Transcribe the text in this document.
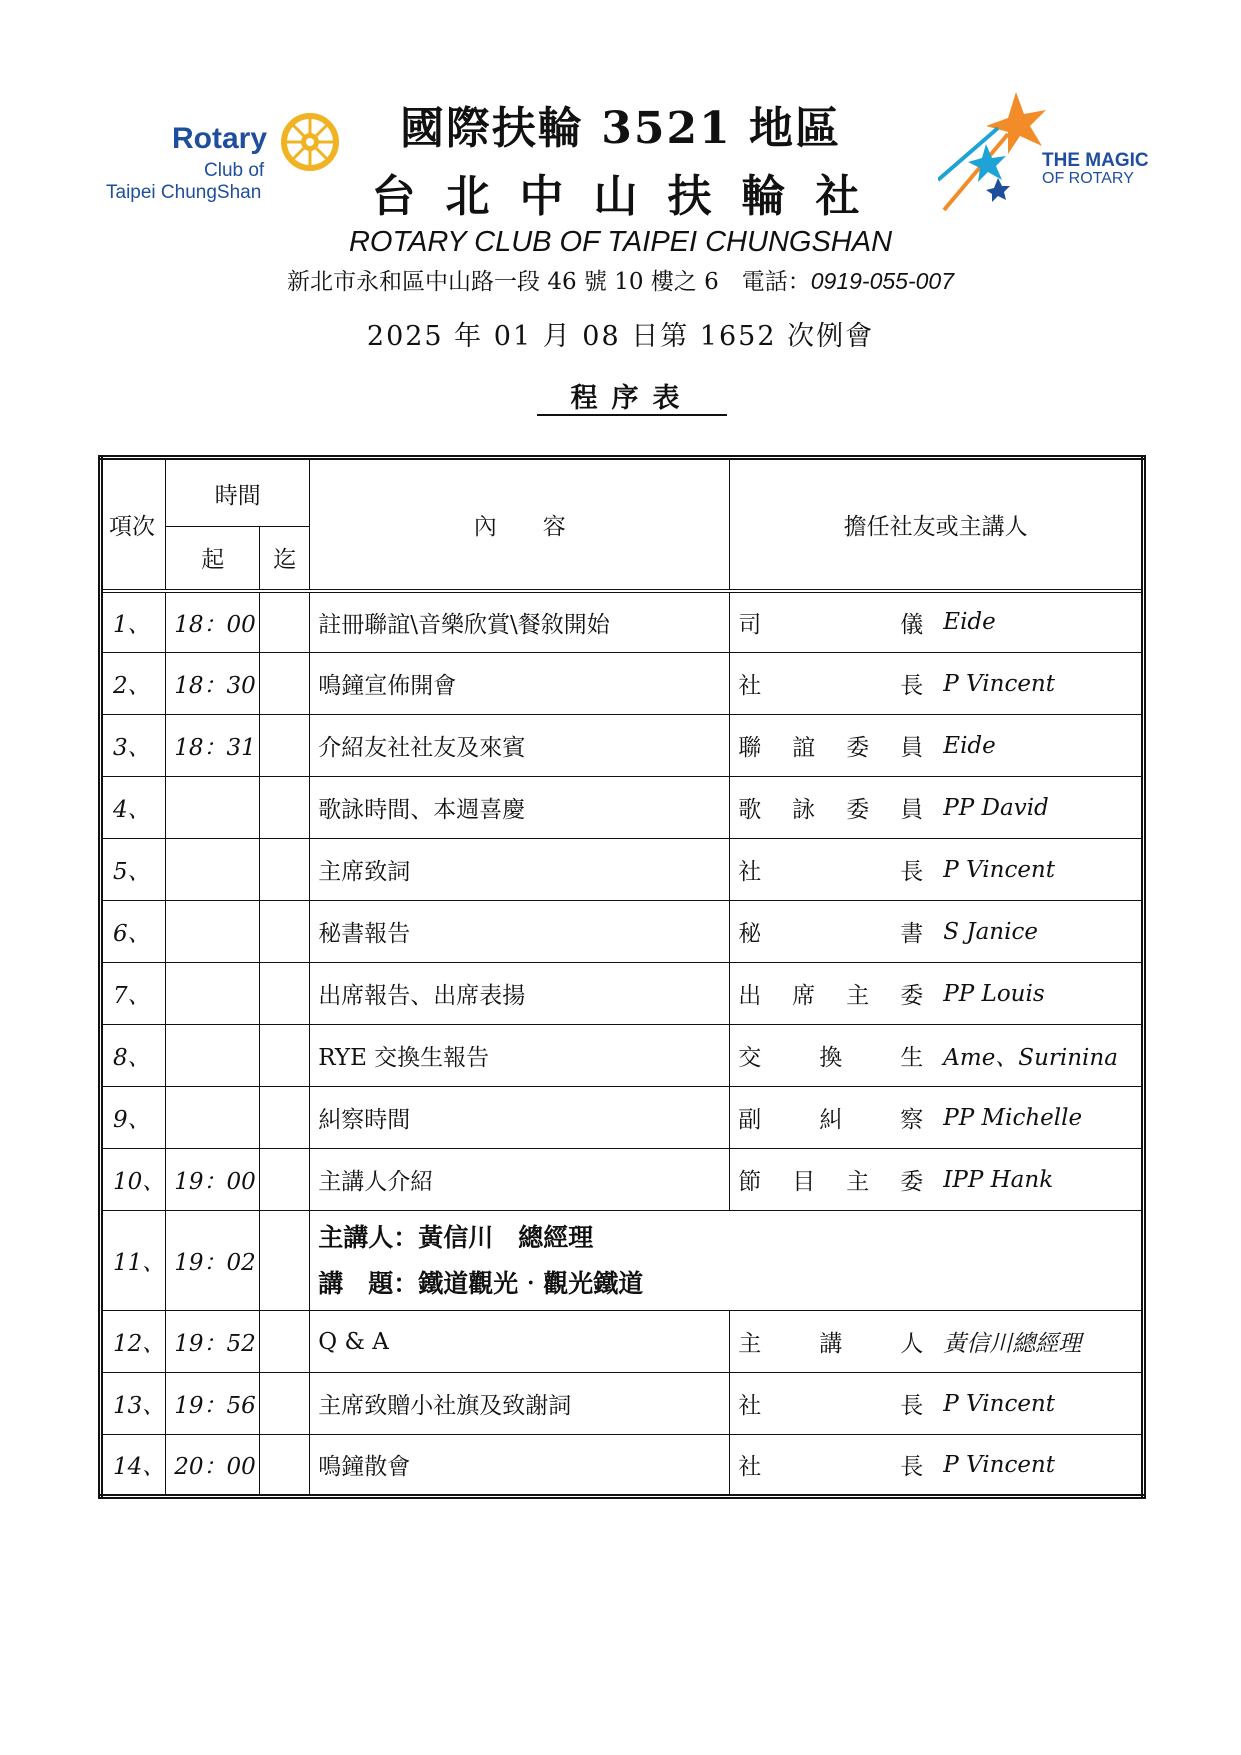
Rotary
Club of
Taipei ChungShan
THE MAGIC
OF ROTARY
國際扶輪 3521 地區
台北中山扶輪社
ROTARY CLUB OF TAIPEI CHUNGSHAN
新北市永和區中山路一段 46 號 10 樓之 6　電話：0919-055-007
2025 年 01 月 08 日第 1652 次例會
程序表
項次	時間		內　　容	擔任社友或主講人
	起	迄		
1、	18：00		註冊聯誼\音樂欣賞\餐敘開始	司 儀 Eide

2、	18：30		鳴鐘宣佈開會	社 長 P Vincent

3、	18：31		介紹友社社友及來賓	聯 誼 委 員 Eide

4、			歌詠時間、本週喜慶	歌 詠 委 員 PP David

5、			主席致詞	社 長 P Vincent

6、			秘書報告	秘 書 S Janice

7、			出席報告、出席表揚	出 席 主 委 PP Louis

8、			RYE 交換生報告	交 換 生 Ame、Surinina

9、			糾察時間	副 糾 察 PP Michelle

10、	19：00		主講人介紹	節 目 主 委 IPP Hank

11、	19：02		主講人：黃信川　總經理
講　題：鐵道觀光‧觀光鐵道	

12、	19：52		Q & A	主 講 人 黃信川總經理

13、	19：56		主席致贈小社旗及致謝詞	社 長 P Vincent

14、	20：00		鳴鐘散會	社 長 P Vincent
